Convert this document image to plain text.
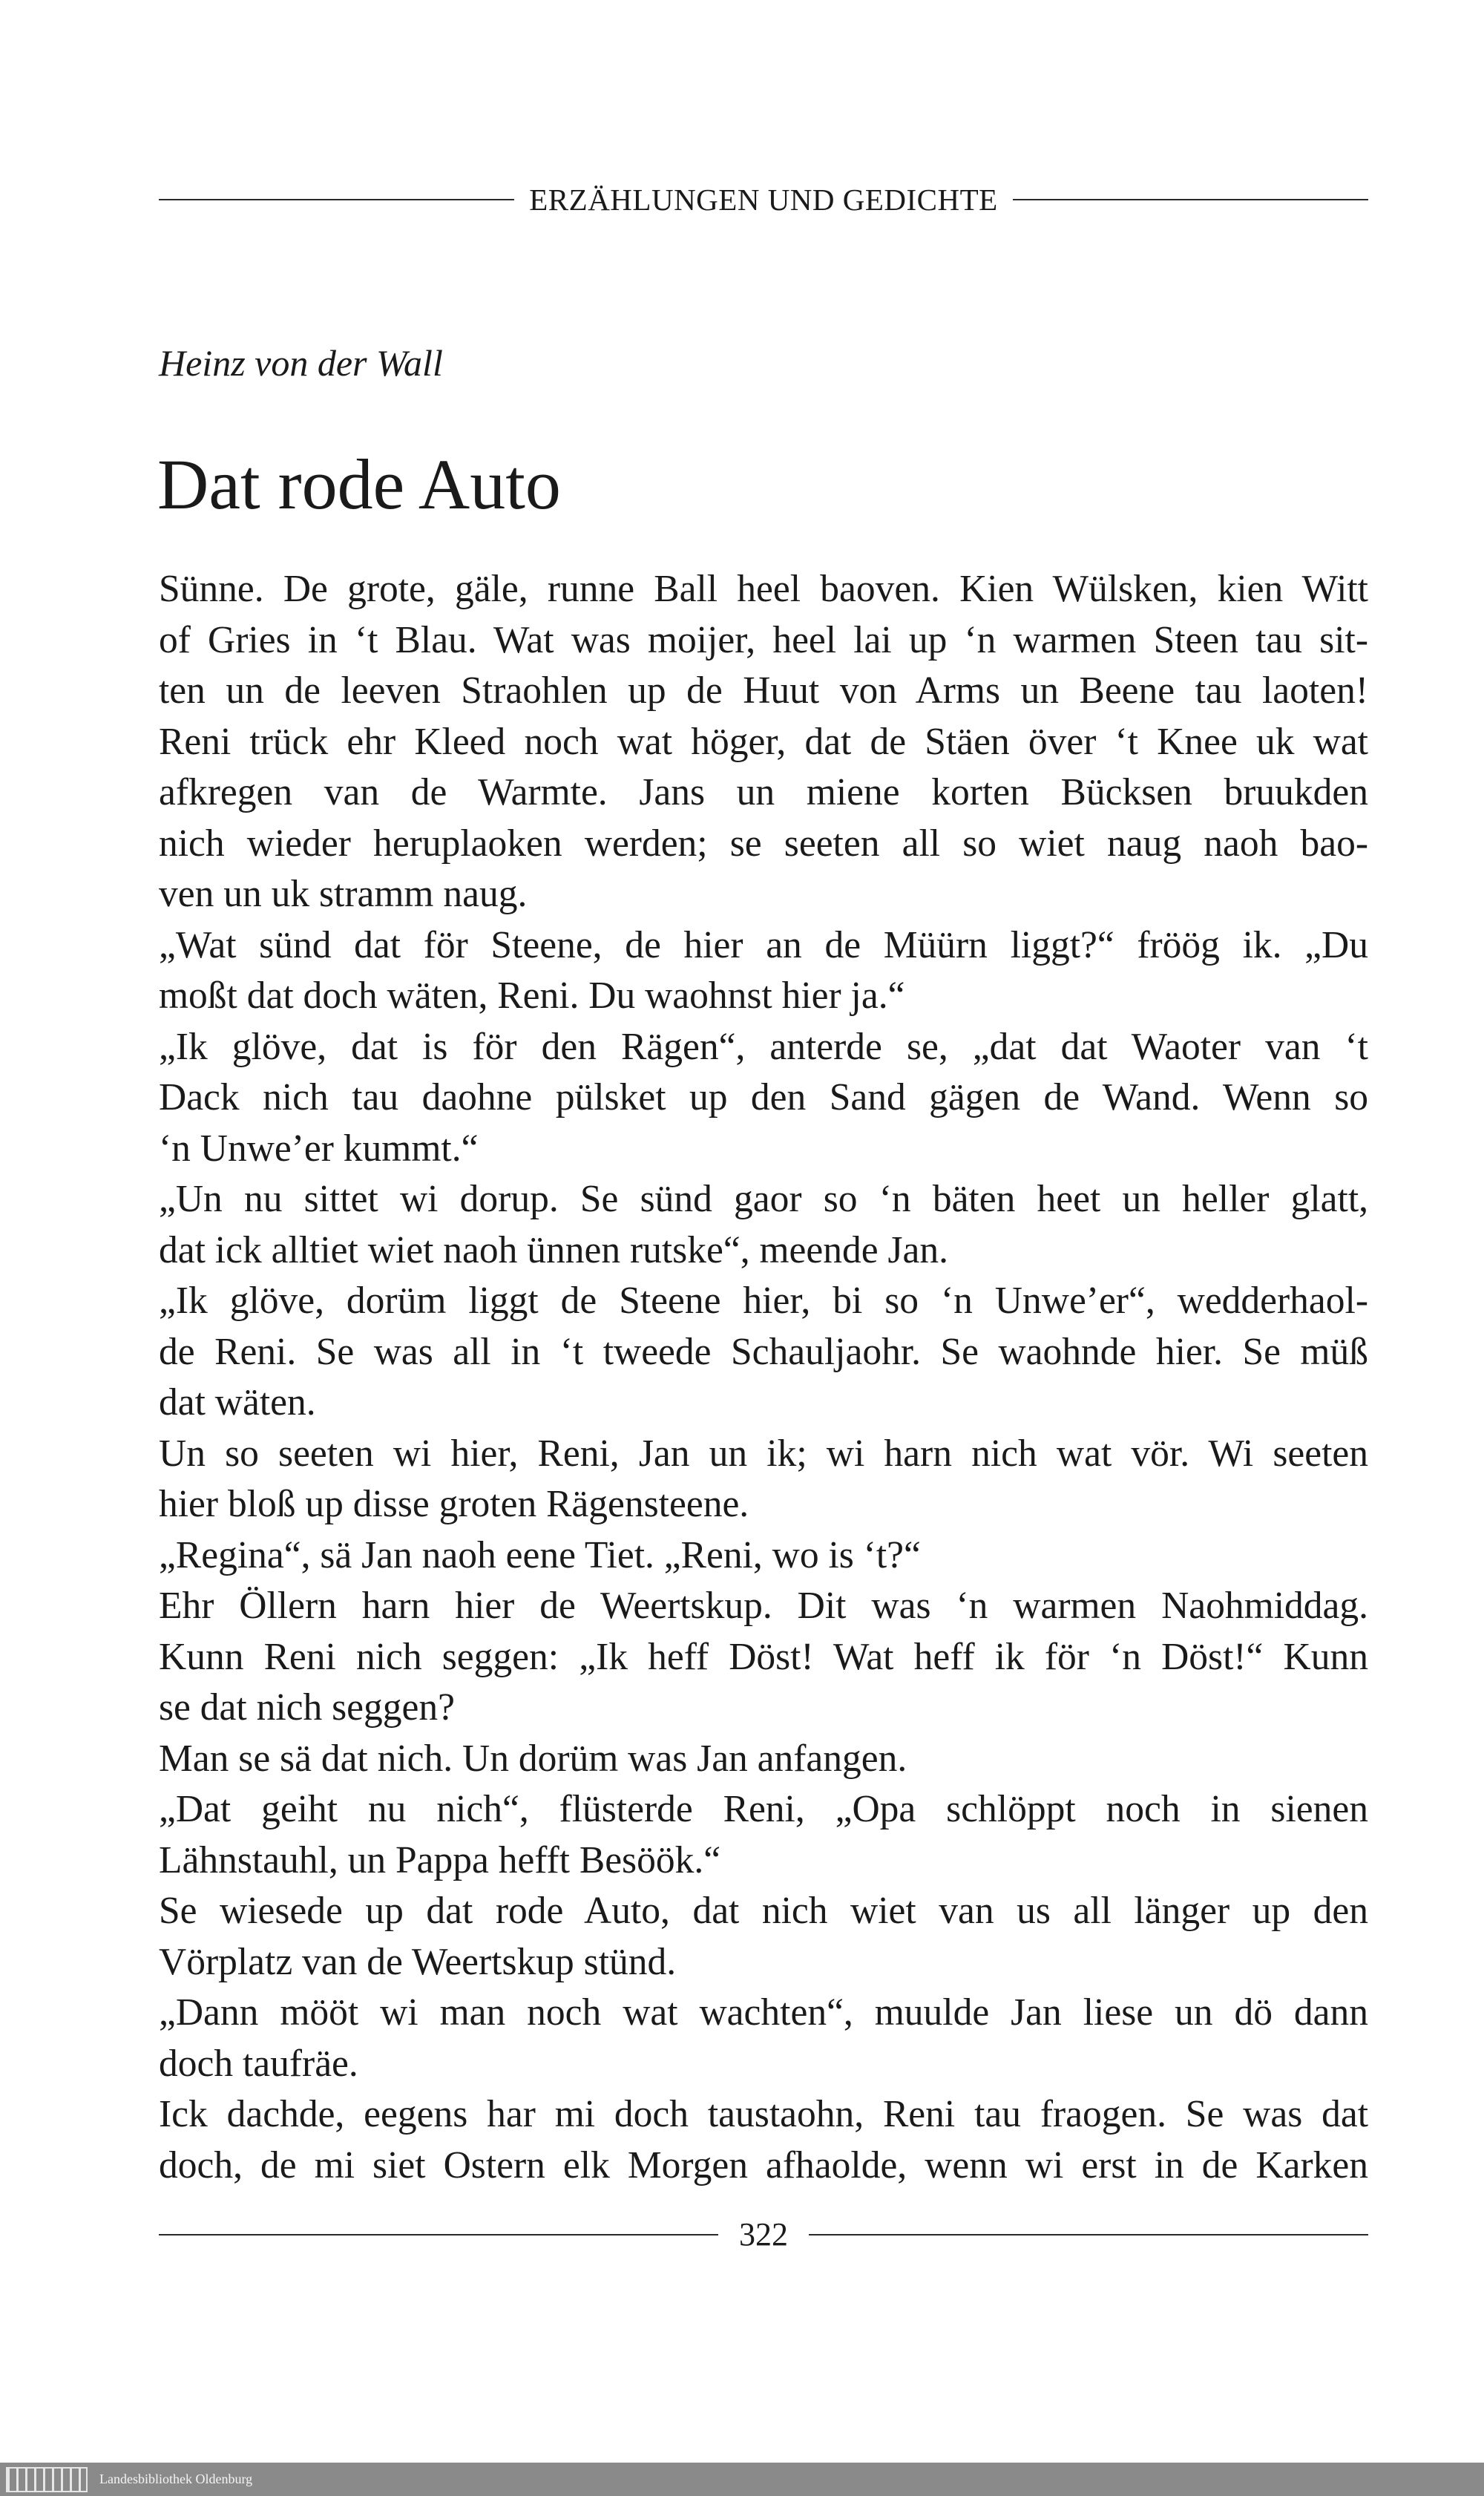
ERZÄHLUNGEN UND GEDICHTE
Heinz von der Wall
Dat rode Auto
Sünne. De grote, gäle, runne Ball heel baoven. Kien Wülsken, kien Witt
of Gries in ‘t Blau. Wat was moijer, heel lai up ‘n warmen Steen tau sit-
ten un de leeven Straohlen up de Huut von Arms un Beene tau laoten!
Reni trück ehr Kleed noch wat höger, dat de Stäen över ‘t Knee uk wat
afkregen van de Warmte. Jans un miene korten Bücksen bruukden
nich wieder heruplaoken werden; se seeten all so wiet naug naoh bao-
ven un uk stramm naug.
„Wat sünd dat för Steene, de hier an de Müürn liggt?“ fröög ik. „Du
moßt dat doch wäten, Reni. Du waohnst hier ja.“
„Ik glöve, dat is för den Rägen“, anterde se, „dat dat Waoter van ‘t
Dack nich tau daohne pülsket up den Sand gägen de Wand. Wenn so
‘n Unwe’er kummt.“
„Un nu sittet wi dorup. Se sünd gaor so ‘n bäten heet un heller glatt,
dat ick alltiet wiet naoh ünnen rutske“, meende Jan.
„Ik glöve, dorüm liggt de Steene hier, bi so ‘n Unwe’er“, wedderhaol-
de Reni. Se was all in ‘t tweede Schauljaohr. Se waohnde hier. Se müß
dat wäten.
Un so seeten wi hier, Reni, Jan un ik; wi harn nich wat vör. Wi seeten
hier bloß up disse groten Rägensteene.
„Regina“, sä Jan naoh eene Tiet. „Reni, wo is ‘t?“
Ehr Öllern harn hier de Weertskup. Dit was ‘n warmen Naohmiddag.
Kunn Reni nich seggen: „Ik heff Döst! Wat heff ik för ‘n Döst!“ Kunn
se dat nich seggen?
Man se sä dat nich. Un dorüm was Jan anfangen.
„Dat geiht nu nich“, flüsterde Reni, „Opa schlöppt noch in sienen
Lähnstauhl, un Pappa hefft Besöök.“
Se wiesede up dat rode Auto, dat nich wiet van us all länger up den
Vörplatz van de Weertskup stünd.
„Dann mööt wi man noch wat wachten“, muulde Jan liese un dö dann
doch taufräe.
Ick dachde, eegens har mi doch taustaohn, Reni tau fraogen. Se was dat
doch, de mi siet Ostern elk Morgen afhaolde, wenn wi erst in de Karken
322
Landesbibliothek Oldenburg
